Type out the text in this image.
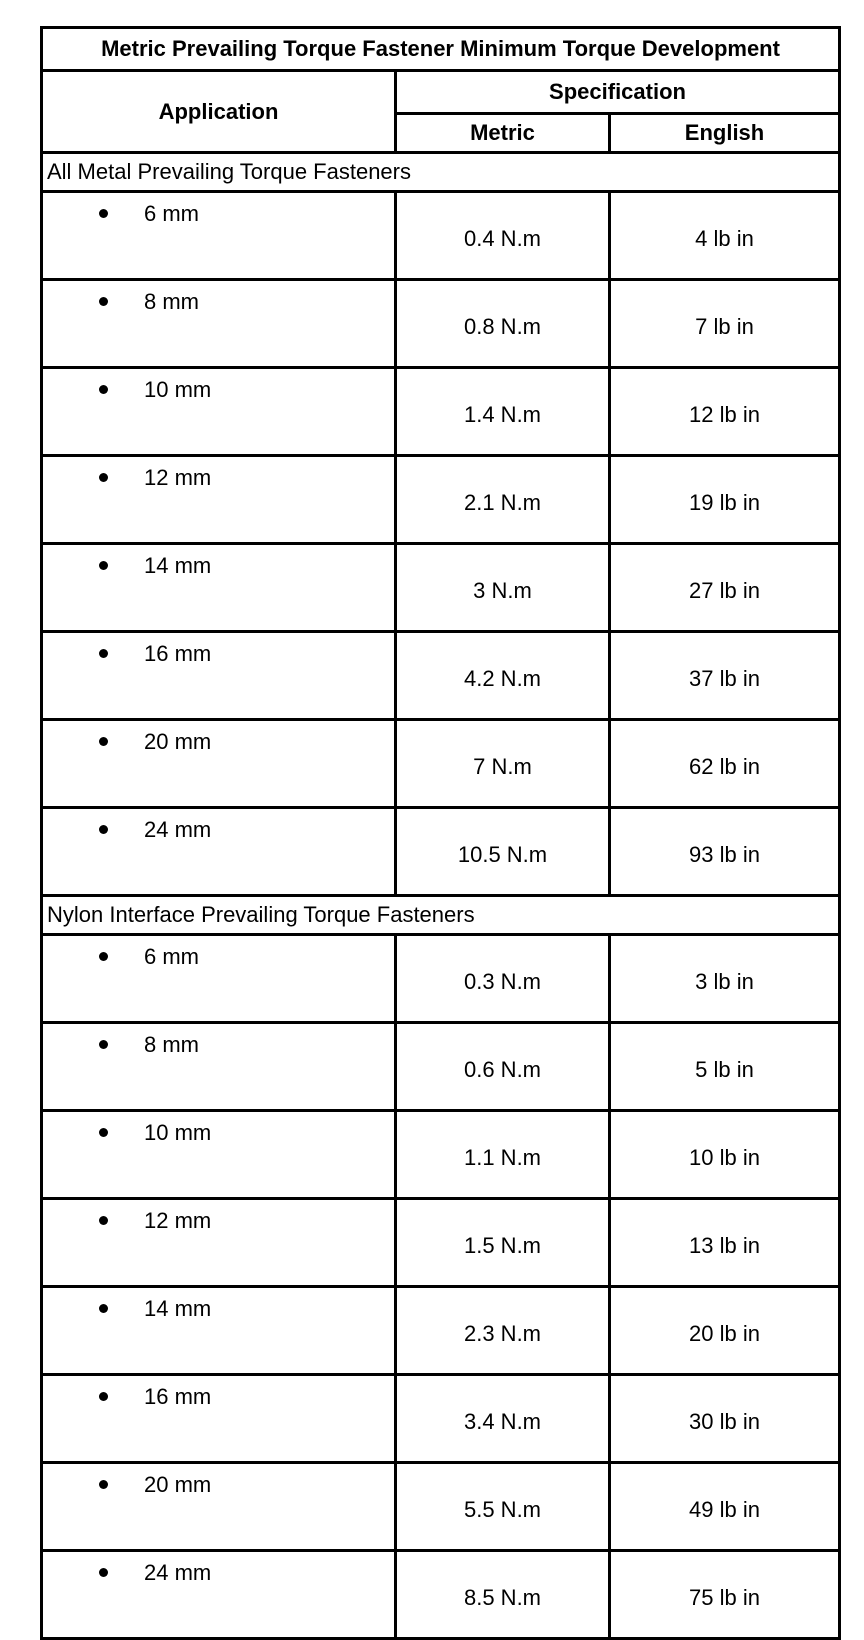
Metric Prevailing Torque Fastener Minimum Torque Development		
Application	Specification	
	Metric	English
All Metal Prevailing Torque Fasteners		

6 mm	0.4 N.m	4 lb in

8 mm	0.8 N.m	7 lb in

10 mm	1.4 N.m	12 lb in

12 mm	2.1 N.m	19 lb in

14 mm	3 N.m	27 lb in

16 mm	4.2 N.m	37 lb in

20 mm	7 N.m	62 lb in

24 mm	10.5 N.m	93 lb in
Nylon Interface Prevailing Torque Fasteners		

6 mm	0.3 N.m	3 lb in

8 mm	0.6 N.m	5 lb in

10 mm	1.1 N.m	10 lb in

12 mm	1.5 N.m	13 lb in

14 mm	2.3 N.m	20 lb in

16 mm	3.4 N.m	30 lb in

20 mm	5.5 N.m	49 lb in

24 mm	8.5 N.m	75 lb in
